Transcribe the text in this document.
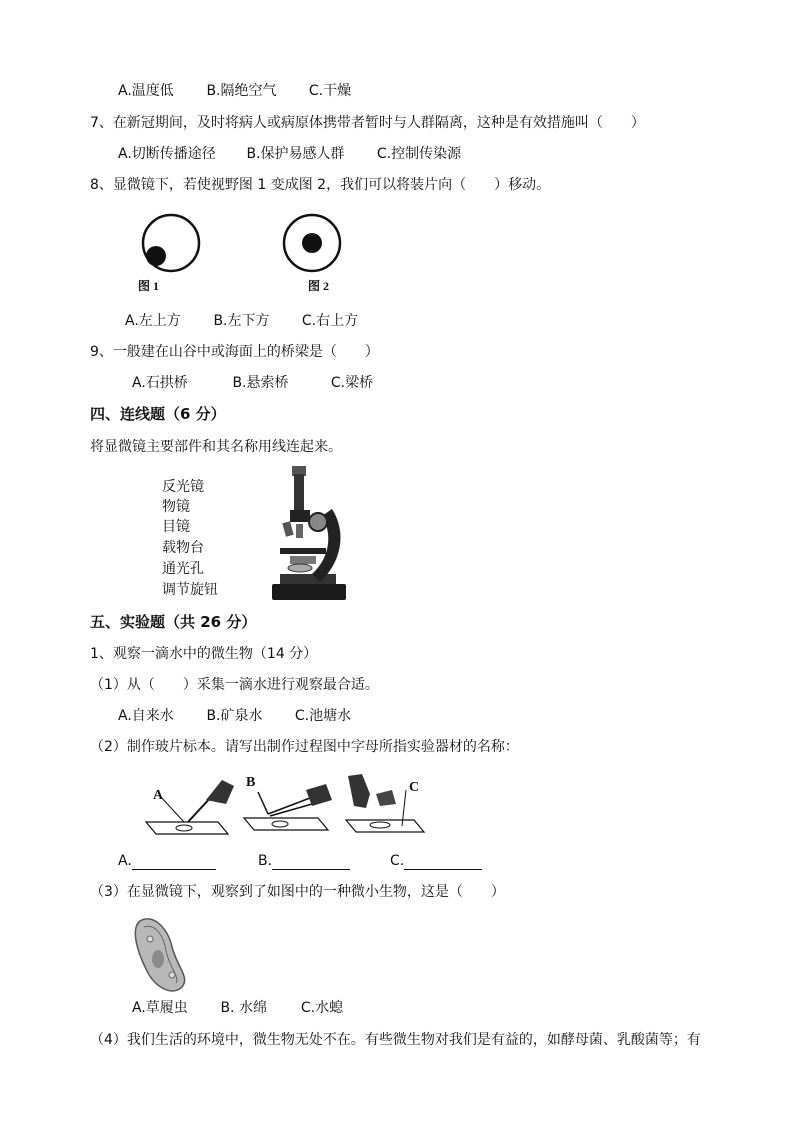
A.温度低 B.隔绝空气 C.干燥
7、在新冠期间，及时将病人或病原体携带者暂时与人群隔离，这种是有效措施叫（　　）
A.切断传播途径 B.保护易感人群 C.控制传染源
8、显微镜下，若使视野图 1 变成图 2，我们可以将装片向（　　）移动。
图 1	图 2
A.左上方 B.左下方 C.右上方
9、一般建在山谷中或海面上的桥梁是（　　）
A.石拱桥	B.悬索桥	C.梁桥
四、连线题（6 分）
将显微镜主要部件和其名称用线连起来。
反光镜
物镜
目镜
载物台
通光孔
调节旋钮
五、实验题（共 26 分）
1、观察一滴水中的微生物（14 分）
（1）从（　　）采集一滴水进行观察最合适。
A.自来水 B.矿泉水 C.池塘水
（2）制作玻片标本。请写出制作过程图中字母所指实验器材的名称：
A
B	C
A.	B.	C.
（3）在显微镜下，观察到了如图中的一种微小生物，这是（　　）
A.草履虫 B. 水绵 C.水螅
（4）我们生活的环境中，微生物无处不在。有些微生物对我们是有益的，如酵母菌、乳酸菌等；有
